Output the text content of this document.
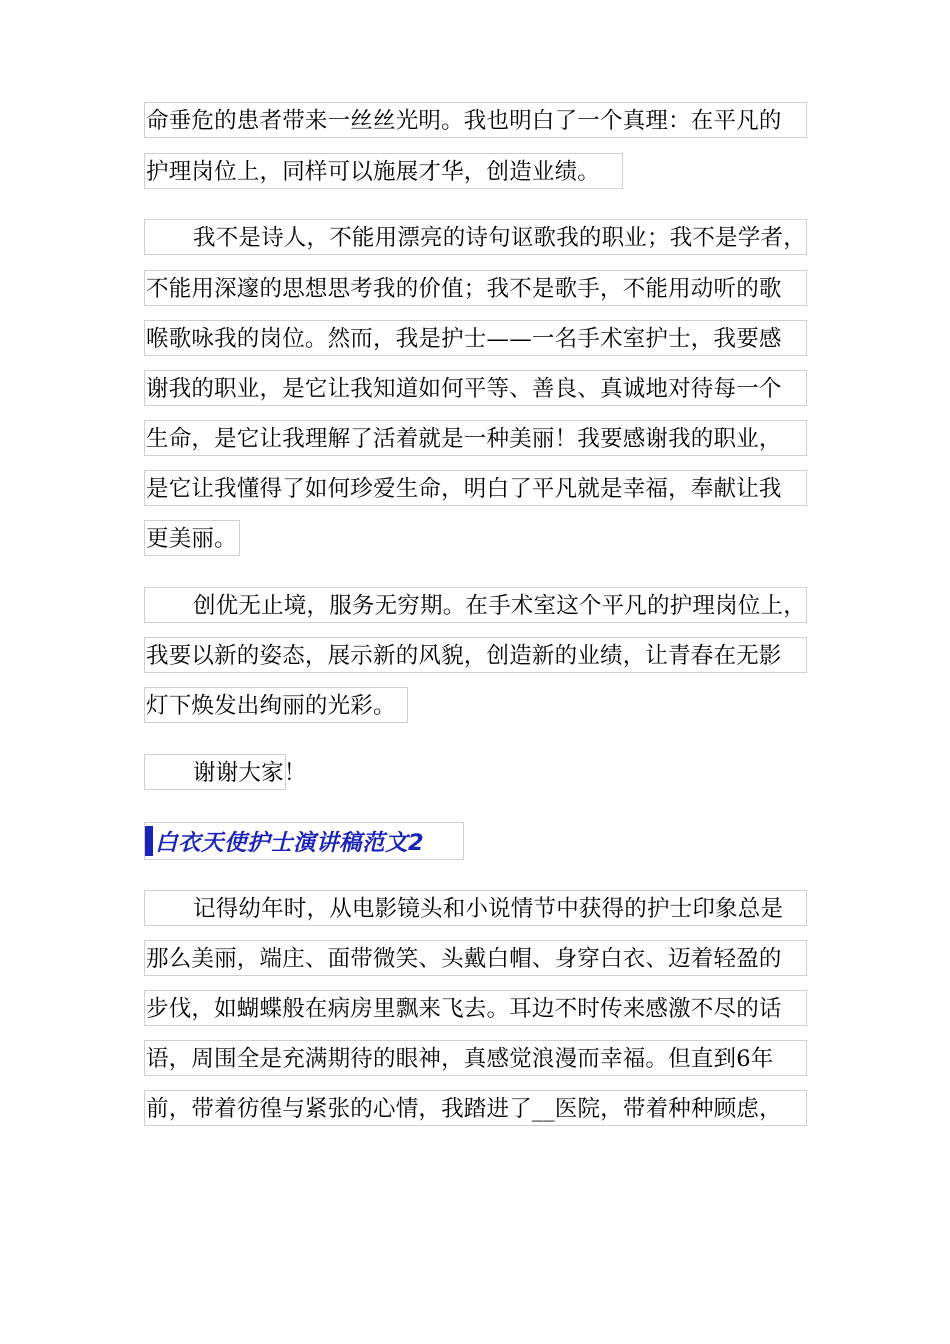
命垂危的患者带来一丝丝光明。我也明白了一个真理：在平凡的
护理岗位上，同样可以施展才华，创造业绩。
我不是诗人，不能用漂亮的诗句讴歌我的职业；我不是学者，
不能用深邃的思想思考我的价值；我不是歌手，不能用动听的歌
喉歌咏我的岗位。然而，我是护士——一名手术室护士，我要感
谢我的职业，是它让我知道如何平等、善良、真诚地对待每一个
生命，是它让我理解了活着就是一种美丽！我要感谢我的职业，
是它让我懂得了如何珍爱生命，明白了平凡就是幸福，奉献让我
更美丽。
创优无止境，服务无穷期。在手术室这个平凡的护理岗位上，
我要以新的姿态，展示新的风貌，创造新的业绩，让青春在无影
灯下焕发出绚丽的光彩。
谢谢大家！
白衣天使护士演讲稿范文2
记得幼年时，从电影镜头和小说情节中获得的护士印象总是
那么美丽，端庄、面带微笑、头戴白帽、身穿白衣、迈着轻盈的
步伐，如蝴蝶般在病房里飘来飞去。耳边不时传来感激不尽的话
语，周围全是充满期待的眼神，真感觉浪漫而幸福。但直到6年
前，带着彷徨与紧张的心情，我踏进了__医院，带着种种顾虑，
